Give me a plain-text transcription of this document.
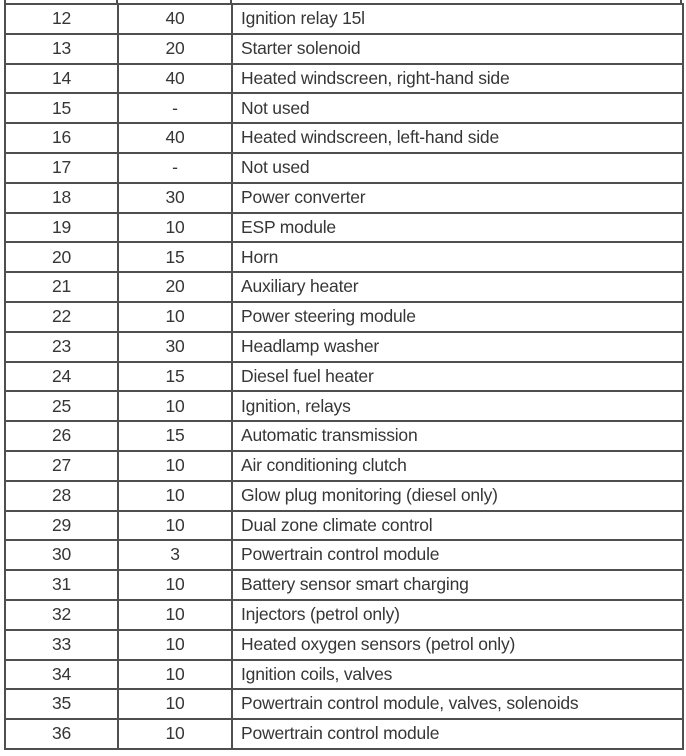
12	40	Ignition relay 15l
13	20	Starter solenoid
14	40	Heated windscreen, right-hand side
15	-	Not used
16	40	Heated windscreen, left-hand side
17	-	Not used
18	30	Power converter
19	10	ESP module
20	15	Horn
21	20	Auxiliary heater
22	10	Power steering module
23	30	Headlamp washer
24	15	Diesel fuel heater
25	10	Ignition, relays
26	15	Automatic transmission
27	10	Air conditioning clutch
28	10	Glow plug monitoring (diesel only)
29	10	Dual zone climate control
30	3	Powertrain control module
31	10	Battery sensor smart charging
32	10	Injectors (petrol only)
33	10	Heated oxygen sensors (petrol only)
34	10	Ignition coils, valves
35	10	Powertrain control module, valves, solenoids
36	10	Powertrain control module
